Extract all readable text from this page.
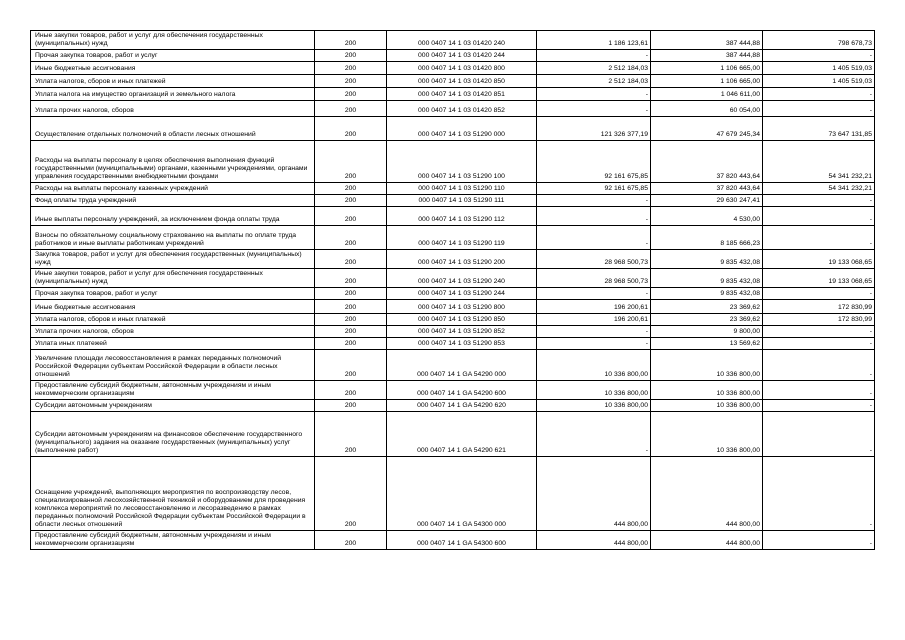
Иные закупки товаров, работ и услуг для обеспечения государственных (муниципальных) нужд	200	000 0407 14 1 03 01420 240	1 186 123,61	387 444,88	798 678,73
Прочая закупка товаров, работ и услуг	200	000 0407 14 1 03 01420 244	-	387 444,88	-
Иные бюджетные ассигнования	200	000 0407 14 1 03 01420 800	2 512 184,03	1 106 665,00	1 405 519,03
Уплата налогов, сборов и иных платежей	200	000 0407 14 1 03 01420 850	2 512 184,03	1 106 665,00	1 405 519,03
Уплата налога на имущество организаций и земельного налога	200	000 0407 14 1 03 01420 851	-	1 046 611,00	-
Уплата прочих налогов, сборов	200	000 0407 14 1 03 01420 852	-	60 054,00	-
Осуществление отдельных полномочий в области лесных отношений	200	000 0407 14 1 03 51290 000	121 326 377,19	47 679 245,34	73 647 131,85
Расходы на выплаты персоналу в целях обеспечения выполнения функций государственными (муниципальными) органами, казенными учреждениями, органами управления государственными внебюджетными фондами	200	000 0407 14 1 03 51290 100	92 161 675,85	37 820 443,64	54 341 232,21
Расходы на выплаты персоналу казенных учреждений	200	000 0407 14 1 03 51290 110	92 161 675,85	37 820 443,64	54 341 232,21
Фонд оплаты труда учреждений	200	000 0407 14 1 03 51290 111	-	29 630 247,41	-
Иные выплаты персоналу учреждений, за исключением фонда оплаты труда	200	000 0407 14 1 03 51290 112	-	4 530,00	-
Взносы по обязательному социальному страхованию на выплаты по оплате труда работников и иные выплаты работникам учреждений	200	000 0407 14 1 03 51290 119	-	8 185 666,23	-
Закупка товаров, работ и услуг для обеспечения государственных (муниципальных) нужд	200	000 0407 14 1 03 51290 200	28 968 500,73	9 835 432,08	19 133 068,65
Иные закупки товаров, работ и услуг для обеспечения государственных (муниципальных) нужд	200	000 0407 14 1 03 51290 240	28 968 500,73	9 835 432,08	19 133 068,65
Прочая закупка товаров, работ и услуг	200	000 0407 14 1 03 51290 244	-	9 835 432,08	-
Иные бюджетные ассигнования	200	000 0407 14 1 03 51290 800	196 200,61	23 369,62	172 830,99
Уплата налогов, сборов и иных платежей	200	000 0407 14 1 03 51290 850	196 200,61	23 369,62	172 830,99
Уплата прочих налогов, сборов	200	000 0407 14 1 03 51290 852	-	9 800,00	-
Уплата иных платежей	200	000 0407 14 1 03 51290 853	-	13 569,62	-
Увеличение площади лесовосстановления в рамках переданных полномочий Российской Федерации субъектам Российской Федерации в области лесных отношений	200	000 0407 14 1 GA 54290 000	10 336 800,00	10 336 800,00	-
Предоставление субсидий бюджетным, автономным учреждениям и иным некоммерческим организациям	200	000 0407 14 1 GA 54290 600	10 336 800,00	10 336 800,00	-
Субсидии автономным учреждениям	200	000 0407 14 1 GA 54290 620	10 336 800,00	10 336 800,00	-
Субсидии автономным учреждениям на финансовое обеспечение государственного (муниципального) задания на оказание государственных (муниципальных) услуг (выполнение работ)	200	000 0407 14 1 GA 54290 621	-	10 336 800,00	-
Оснащение учреждений, выполняющих мероприятия по воспроизводству лесов, специализированной лесохозяйственной техникой и оборудованием для проведения комплекса мероприятий по лесовосстановлению и лесоразведению в рамках переданных полномочий Российской Федерации субъектам Российской Федерации в области лесных отношений	200	000 0407 14 1 GA 54300 000	444 800,00	444 800,00	-
Предоставление субсидий бюджетным, автономным учреждениям и иным некоммерческим организациям	200	000 0407 14 1 GA 54300 600	444 800,00	444 800,00	-
